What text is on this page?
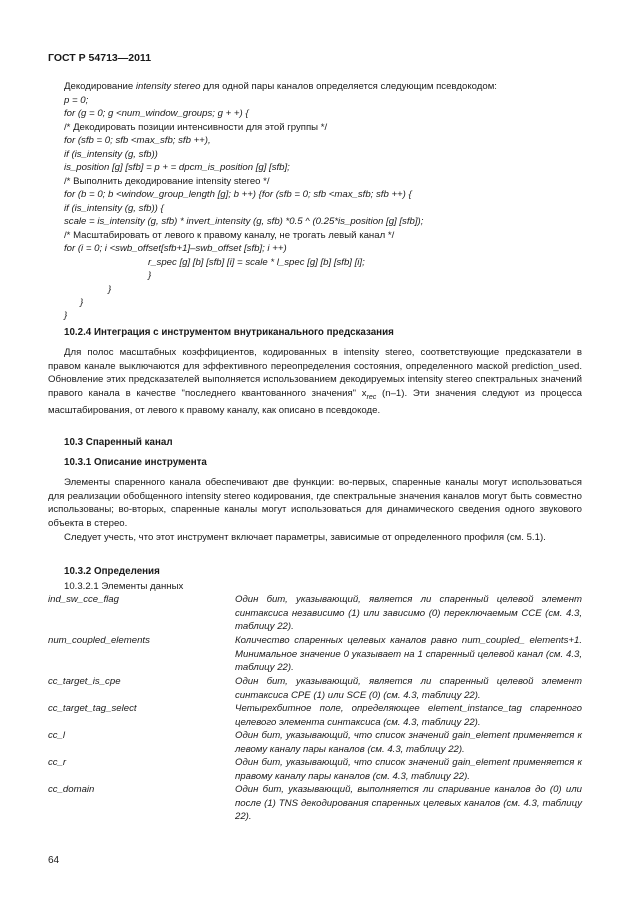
ГОСТ Р 54713—2011
Декодирование intensity stereo для одной пары каналов определяется следующим псевдокодом:
p = 0;
for (g = 0; g <num_window_groups; g + +) {
/* Декодировать позиции интенсивности для этой группы */
for (sfb = 0; sfb <max_sfb; sfb ++),
if (is_intensity (g, sfb))
is_position [g] [sfb] = p + = dpcm_is_position [g] [sfb];
/* Выполнить декодирование intensity stereo */
for (b = 0; b <window_group_length [g]; b ++) {for (sfb = 0; sfb <max_sfb; sfb ++) {
if (is_intensity (g, sfb)) {
scale = is_intensity (g, sfb) * invert_intensity (g, sfb) *0.5 ^ (0.25*is_position [g] [sfb]);
/* Масштабировать от левого к правому каналу, не трогать левый канал */
for (i = 0; i <swb_offset[sfb+1]–swb_offset [sfb]; i ++)
r_spec [g] [b] [sfb] [i] = scale * l_spec [g] [b] [sfb] [i];
}
}
}
}
10.2.4 Интеграция с инструментом внутриканального предсказания

Для полос масштабных коэффициентов, кодированных в intensity stereo, соответствующие предсказатели в правом канале выключаются для эффективного переопределения состояния, определенного маской prediction_used. Обновление этих предсказателей выполняется использованием декодируемых intensity stereo спектральных значений правого канала в качестве "последнего квантованного значения" $x_{rec}$ (n–1). Эти значения следуют из процесса масштабирования, от левого к правому каналу, как описано в псевдокоде.

10.3 Спаренный канал
10.3.1 Описание инструмента

Элементы спаренного канала обеспечивают две функции: во-первых, спаренные каналы могут использоваться для реализации обобщенного intensity stereo кодирования, где спектральные значения каналов могут быть совместно использованы; во-вторых, спаренные каналы могут использоваться для динамического сведения одного звукового объекта в стерео.

Следует учесть, что этот инструмент включает параметры, зависимые от определенного профиля (см. 5.1).

10.3.2 Определения
10.3.2.1 Элементы данных
ind_sw_cce_flag	Один бит, указывающий, является ли спаренный целевой элемент синтаксиса независимо (1) или зависимо (0) переключаемым CCE (см. 4.3, таблицу 22).
num_coupled_elements	Количество спаренных целевых каналов равно num_coupled_ elements+1. Минимальное значение 0 указывает на 1 спаренный целевой канал (см. 4.3, таблицу 22).
cc_target_is_cpe	Один бит, указывающий, является ли спаренный целевой элемент синтаксиса CPE (1) или SCE (0) (см. 4.3, таблицу 22).
cc_target_tag_select	Четырехбитное поле, определяющее element_instance_tag спаренного целевого элемента синтаксиса (см. 4.3, таблицу 22).
cc_l	Один бит, указывающий, что список значений gain_element применяется к левому каналу пары каналов (см. 4.3, таблицу 22).
cc_r	Один бит, указывающий, что список значений gain_element применяется к правому каналу пары каналов (см. 4.3, таблицу 22).
cc_domain	Один бит, указывающий, выполняется ли спаривание каналов до (0) или после (1) TNS декодирования спаренных целевых каналов (см. 4.3, таблицу 22).
64
